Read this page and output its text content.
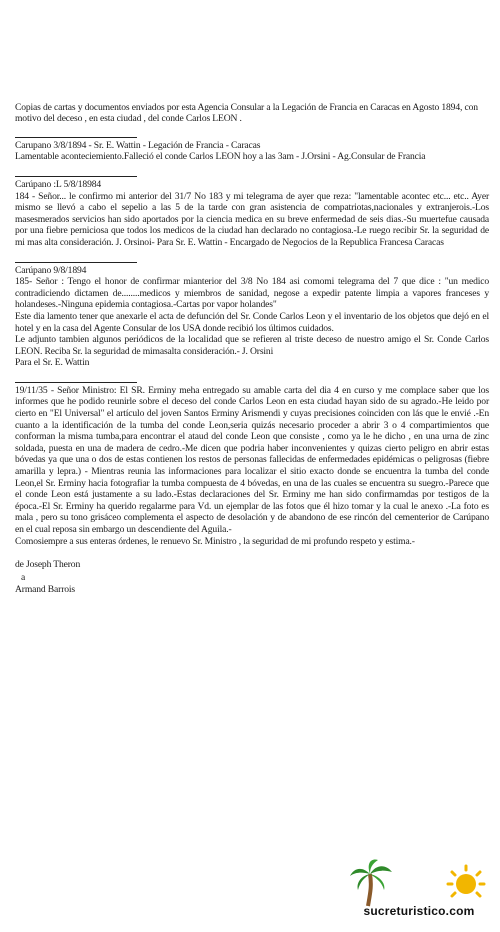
Copias de cartas y documentos enviados por esta Agencia Consular a la Legación de Francia en Caracas en Agosto 1894, con motivo del deceso , en esta ciudad , del conde Carlos LEON .

Carupano 3/8/1894 - Sr. E. Wattin - Legación de Francia - Caracas
Lamentable aconteciemiento.Falleció el conde Carlos LEON hoy a las 3am - J.Orsini - Ag.Consular de Francia
Carúpano :L 5/8/18984
184 - Señor... le confirmo mi anterior del 31/7 No 183 y mi telegrama de ayer que reza: "lamentable acontec etc... etc.. Ayer mismo se llevó a cabo el sepelio a las 5 de la tarde con gran asistencia de compatriotas,nacionales y extranjerois.-Los masesmerados servicios han sido aportados por la ciencia medica en su breve enfermedad de seis dias.-Su muertefue causada por una fiebre perniciosa que todos los medicos de la ciudad han declarado no contagiosa.-Le ruego recibir Sr. la seguridad de mi mas alta consideración. J. Orsinoi- Para Sr. E. Wattin - Encargado de Negocios de la Republica Francesa Caracas
Carúpano 9/8/1894
185- Señor : Tengo el honor de confirmar mianterior del 3/8 No 184 asi comomi telegrama del 7 que dice : "un medico contradiciendo dictamen de........medicos y miembros de sanidad, negose a expedir patente limpia a vapores franceses y holandeses.-Ninguna epidemia contagiosa.-Cartas por vapor holandes"
Este dia lamento tener que anexarle el acta de defunción del Sr. Conde Carlos Leon y el inventario de los objetos que dejó en el hotel y en la casa del Agente Consular de los USA donde recibió los últimos cuidados.
Le adjunto tambien algunos periódicos de la localidad que se refieren al triste deceso de nuestro amigo el Sr. Conde Carlos LEON. Reciba Sr. la seguridad de mimasalta consideración.- J. Orsini
Para el Sr. E. Wattin

19/11/35 - Señor Ministro: El SR. Erminy meha entregado su amable carta del dia 4 en curso y me complace saber que los informes que he podido reunirle sobre el deceso del conde Carlos Leon en esta ciudad hayan sido de su agrado.-He leido por cierto en "El Universal" el artículo del joven Santos Erminy Arismendi y cuyas precisiones coinciden con lás que le envié .-En cuanto a la identificación de la tumba del conde Leon,seria quizás necesario proceder a abrir 3 o 4 compartimientos que conforman la misma tumba,para encontrar el ataud del conde Leon que consiste , como ya le he dicho , en una urna de zinc soldada, puesta en una de madera de cedro.-Me dicen que podria haber inconvenientes y quizas cierto peligro en abrir estas bóvedas ya que una o dos de estas contienen los restos de personas fallecidas de enfermedades epidémicas o peligrosas (fiebre amarilla y lepra.) - Mientras reunia las informaciones para localizar el sitio exacto donde se encuentra la tumba del conde Leon,el Sr. Erminy hacia fotografiar la tumba compuesta de 4 bóvedas, en una de las cuales se encuentra su suegro.-Parece que el conde Leon está justamente a su lado.-Estas declaraciones del Sr. Erminy me han sido confirmamdas por testigos de la época.-El Sr. Erminy ha querido regalarme para Vd. un ejemplar de las fotos que él hizo tomar y la cual le anexo .-La foto es mala , pero su tono grisáceo complementa el aspecto de desolación y de abandono de ese rincón del cementerior de Carúpano en el cual reposa sin embargo un descendiente del Aguila.-

Comosiempre a sus enteras órdenes, le renuevo Sr. Ministro , la seguridad de mi profundo respeto y estima.-

de Joseph Theron
a
Armand Barrois
sucreturistico.com
